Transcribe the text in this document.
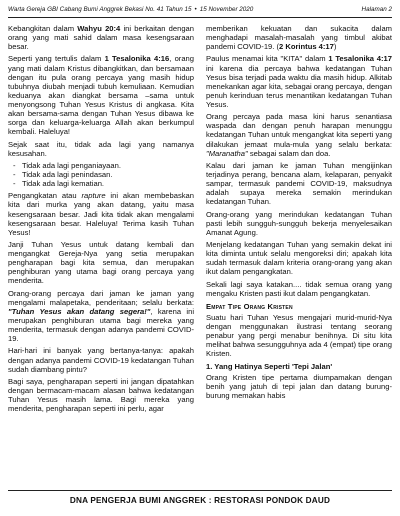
Warta Gereja GBI Cabang Bumi Anggrek Bekasi No. 41 Tahun 15 • 15 November 2020	Halaman 2

Kebangkitan dalam Wahyu 20:4 ini berkaitan dengan orang yang mati sahid dalam masa kesengsaraan besar.

Seperti yang tertulis dalam 1 Tesalonika 4:16, orang yang mati dalam Kristus dibangkitkan, dan bersamaan dengan itu pula orang percaya yang masih hidup tubuhnya diubah menjadi tubuh kemuliaan. Kemudian keduanya akan diangkat bersama –sama untuk menyongsong Tuhan Yesus Kristus di angkasa. Kita akan bersama-sama dengan Tuhan Yesus dibawa ke sorga dan keluarga-keluarga Allah akan berkumpul kembali. Haleluya!

Sejak saat itu, tidak ada lagi yang namanya kesusahan.

- Tidak ada lagi penganiayaan.
- Tidak ada lagi penindasan.
- Tidak ada lagi kematian.

Pengangkatan atau rapture ini akan membebaskan kita dari murka yang akan datang, yaitu masa kesengsaraan besar. Jadi kita tidak akan mengalami kesengsaraan besar. Haleluya! Terima kasih Tuhan Yesus!

Janji Tuhan Yesus untuk datang kembali dan mengangkat Gereja-Nya yang setia merupakan pengharapan bagi kita semua, dan merupakan penghiburan yang utama bagi orang percaya yang menderita.

Orang-orang percaya dari jaman ke jaman yang mengalami malapetaka, penderitaan; selalu berkata: "Tuhan Yesus akan datang segera!", karena ini merupakan penghiburan utama bagi mereka yang menderita, termasuk dengan adanya pandemi COVID-19.

Hari-hari ini banyak yang bertanya-tanya: apakah dengan adanya pandemi COVID-19 kedatangan Tuhan sudah diambang pintu?

Bagi saya, pengharapan seperti ini jangan dipatahkan dengan bermacam-macam alasan bahwa kedatangan Tuhan Yesus masih lama. Bagi mereka yang menderita, pengharapan seperti ini perlu, agar

memberikan kekuatan dan sukacita dalam menghadapi masalah-masalah yang timbul akibat pandemi COVID-19. (2 Korintus 4:17)

Paulus menamai kita "KITA" dalam 1 Tesalonika 4:17 ini karena dia percaya bahwa kedatangan Tuhan Yesus bisa terjadi pada waktu dia masih hidup. Alkitab menekankan agar kita, sebagai orang percaya, dengan penuh kerinduan terus menantikan kedatangan Tuhan Yesus.

Orang percaya pada masa kini harus senantiasa waspada dan dengan penuh harapan menunggu kedatangan Tuhan untuk mengangkat kita seperti yang dilakukan jemaat mula-mula yang selalu berkata: "Maranatha" sebagai salam dan doa.

Kalau dari jaman ke jaman Tuhan mengijinkan terjadinya perang, bencana alam, kelaparan, penyakit sampar, termasuk pandemi COVID-19, maksudnya adalah supaya mereka semakin merindukan kedatangan Tuhan.

Orang-orang yang merindukan kedatangan Tuhan pasti lebih sungguh-sungguh bekerja menyelesaikan Amanat Agung.

Menjelang kedatangan Tuhan yang semakin dekat ini kita diminta untuk selalu mengoreksi diri; apakah kita sudah termasuk dalam kriteria orang-orang yang akan ikut dalam pengangkatan.

Sekali lagi saya katakan.... tidak semua orang yang mengaku Kristen pasti ikut dalam pengangkatan.

Empat Tipe Orang Kristen

Suatu hari Tuhan Yesus mengajari murid-murid-Nya dengan menggunakan ilustrasi tentang seorang penabur yang pergi menabur benihnya. Di situ kita melihat bahwa sesungguhnya ada 4 (empat) tipe orang Kristen.

1. Yang Hatinya Seperti 'Tepi Jalan'

Orang Kristen tipe pertama diumpamakan dengan benih yang jatuh di tepi jalan dan datang burung-burung memakan habis

DNA PENGERJA BUMI ANGGREK : RESTORASI PONDOK DAUD
